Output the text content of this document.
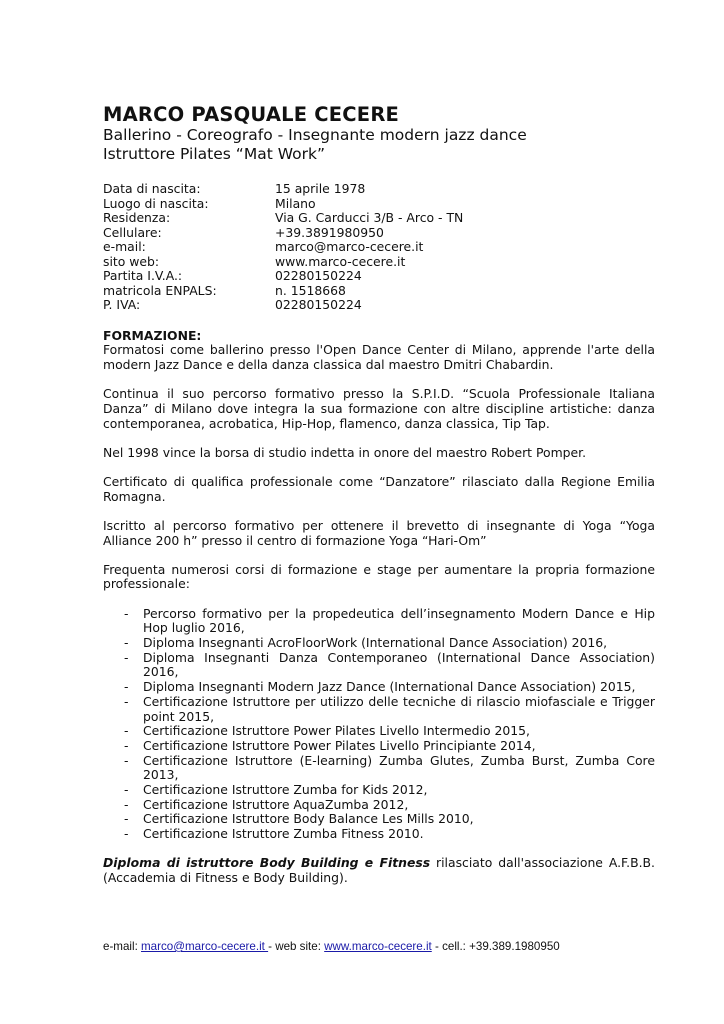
MARCO PASQUALE CECERE
Ballerino - Coreografo - Insegnante modern jazz dance
Istruttore Pilates “Mat Work”
Data di nascita:	15 aprile 1978
Luogo di nascita:	Milano
Residenza:	Via G. Carducci 3/B - Arco - TN
Cellulare:	+39.3891980950
e-mail:	marco@marco-cecere.it
sito web:	www.marco-cecere.it
Partita I.V.A.:	02280150224
matricola ENPALS:	n. 1518668
P. IVA:	02280150224
FORMAZIONE:
Formatosi come ballerino presso l'Open Dance Center di Milano, apprende l'arte della modern Jazz Dance e della danza classica dal maestro Dmitri Chabardin.
Continua il suo percorso formativo presso la S.P.I.D. “Scuola Professionale Italiana Danza” di Milano dove integra la sua formazione con altre discipline artistiche: danza contemporanea, acrobatica, Hip-Hop, flamenco, danza classica, Tip Tap.
Nel 1998 vince la borsa di studio indetta in onore del maestro Robert Pomper.
Certificato di qualifica professionale come “Danzatore” rilasciato dalla Regione Emilia Romagna.
Iscritto al percorso formativo per ottenere il brevetto di insegnante di Yoga “Yoga Alliance 200 h” presso il centro di formazione Yoga “Hari-Om”
Frequenta numerosi corsi di formazione e stage per aumentare la propria formazione professionale:
- Percorso formativo per la propedeutica dell’insegnamento Modern Dance e Hip Hop luglio 2016,
- Diploma Insegnanti AcroFloorWork (International Dance Association) 2016,
- Diploma Insegnanti Danza Contemporaneo (International Dance Association) 2016,
- Diploma Insegnanti Modern Jazz Dance (International Dance Association) 2015,
- Certificazione Istruttore per utilizzo delle tecniche di rilascio miofasciale e Trigger point 2015,
- Certificazione Istruttore Power Pilates Livello Intermedio 2015,
- Certificazione Istruttore Power Pilates Livello Principiante 2014,
- Certificazione Istruttore (E-learning) Zumba Glutes, Zumba Burst, Zumba Core 2013,
- Certificazione Istruttore Zumba for Kids 2012,
- Certificazione Istruttore AquaZumba 2012,
- Certificazione Istruttore Body Balance Les Mills 2010,
- Certificazione Istruttore Zumba Fitness 2010.
Diploma di istruttore Body Building e Fitness rilasciato dall'associazione A.F.B.B. (Accademia di Fitness e Body Building).
e-mail: marco@marco-cecere.it - web site: www.marco-cecere.it - cell.: +39.389.1980950
